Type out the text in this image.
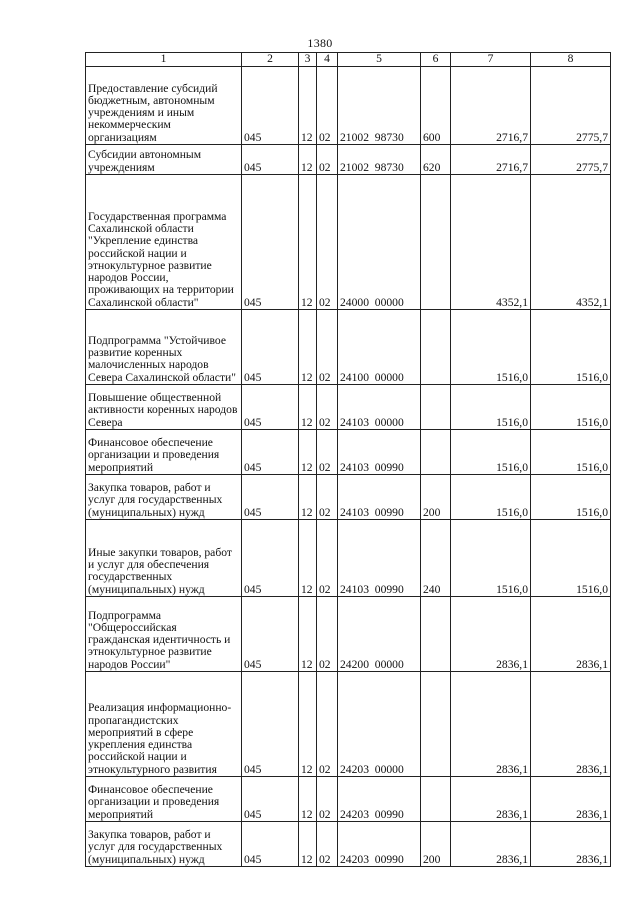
1380
1	2	3	4	5	6	7	8
Предоставление субсидий бюджетным, автономным учреждениям и иным некоммерческим организациям	045	12	02	21002  98730	600	2716,7	2775,7
Субсидии автономным учреждениям	045	12	02	21002  98730	620	2716,7	2775,7
Государственная программа Сахалинской области "Укрепление единства российской нации и этнокультурное развитие народов России, проживающих на территории Сахалинской области"	045	12	02	24000  00000		4352,1	4352,1
Подпрограмма "Устойчивое развитие коренных малочисленных народов Севера Сахалинской области"	045	12	02	24100  00000		1516,0	1516,0
Повышение общественной активности коренных народов Севера	045	12	02	24103  00000		1516,0	1516,0
Финансовое обеспечение организации и проведения мероприятий	045	12	02	24103  00990		1516,0	1516,0
Закупка товаров, работ и услуг для государственных (муниципальных) нужд	045	12	02	24103  00990	200	1516,0	1516,0
Иные закупки товаров, работ и услуг для обеспечения государственных (муниципальных) нужд	045	12	02	24103  00990	240	1516,0	1516,0
Подпрограмма "Общероссийская гражданская идентичность и этнокультурное развитие народов России"	045	12	02	24200  00000		2836,1	2836,1
Реализация информационно-пропагандистских мероприятий в сфере укрепления единства российской нации и этнокультурного развития	045	12	02	24203  00000		2836,1	2836,1
Финансовое обеспечение организации и проведения мероприятий	045	12	02	24203  00990		2836,1	2836,1
Закупка товаров, работ и услуг для государственных (муниципальных) нужд	045	12	02	24203  00990	200	2836,1	2836,1
